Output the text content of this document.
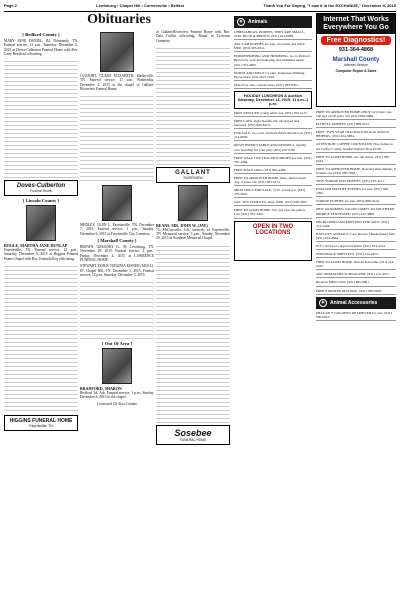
Page 2	Lewisburg • Chapel Hill • Cornersville • Belfast	Thank You For Saying, "I saw it in the EXCHANGE," December 9, 2015
Obituaries
[ Bedford County ]
MARY JANE DANIEL, 84, Normandy, TN. Funeral service, 11 a.m., Saturday, December 5, 2015 at Doves-Culberton Funeral Home with Rev. Larry Bradford officiating.
Doves-Culberton
Funeral Home
[ Lincoln County ]
BOGLE, MARTHA JANE DUNLAP
Fayetteville, TN. Funeral service, 12 p.m., Saturday, December 5, 2015 at Higgins Funeral Home Chapel with Bro. Kenneth Roy officiating.
HIGGINS FUNERAL HOME
Fayetteville, TN
CUZZORT, CLARA ELIZABETH. Shelbyville, TN. Funeral service, 11 a.m. Wednesday, December 2, 2015 at the chapel of Gallant-Riverview Funeral Home.
MEDLEY, GLEN L. Fayetteville, TN. December 7, 2015. Funeral service, 1 p.m., Sunday, December 6, 2015 at Fayetteville City Cemetery.
[ Marshall County ]
BROWN, GREGORY G., 59, Lewisburg, TN. November 29, 2015. Funeral service, 2 p.m., Friday, December 4, 2015 at LAWRENCE FUNERAL HOME.
STEWART, DORIS VIRGINIA KISNER (MOLL), 87, Chapel Hill, TN. December 1, 2015. Funeral service, 12 p.m. Saturday, December 5, 2015.
[ Out Of Area ]
BRADFORD, SHARON
Bedford, 64, Ark. Funeral service, 1 p.m., Sunday, December 6, 2015 in the chapel.
Continued On Next Column
of Gallant-Riverview Funeral Home with Bro. Dale Griffin officiating. Burial in Crowson Cemetery.
GALLANT
RIVERVIEW
BEANS, MR. JOHN W. (JAY)
72, McCaysville, GA, formerly of Fayetteville, TN. Memorial service, 3 p.m., Sunday, November 29, 2015 in Southern Memorial Chapel.
Sosebee
FUNERAL HOME
✦ Animals
CHIHUAHUAS, PUPPIES. THEY ARE SMALL, TOO. BLUE & BROWN. (931) 224-0086.
AKC LAB PUPPIES for sale, chocolate and black. $300. (931) 685-0211.
HORSESHOEING AND TRIMMING. Go to Richard Brown for your horseshoeing and trimming needs. (931) 703-4495.
HORSE AND MULE for sale, Tennessee Walking Horse mare. (931) 623-7166.
DOGS for sale, various sizes. (931) 993-0451.
HOLIDAY LUNCHEON & Auction Saturday, December 12, 2015. 11 a.m.-1 p.m.
FREE RESCUED young adult cats, (931) 703-5127.
FREE CATS, eight months old, all spayed and neutered. (931) 993-8413.
FOR SALE, two year old male Black Mouth Cur. (931) 212-6836.
REGISTERED STABLE AND KENNELS. Quality care boarding for your pets. (931) 237-6161.
FREE WALL TOY TEACUP YORKIES for sale. (931) 337-2284.
FREE MALE DOG. (931) 881-4494.
FREE TO APPROVED HOME, male, mixed breed dog, 4 years old. (931) 685-0151.
MEAT DOGS FOR SALE, 75 lb. young pot. (931) 278-5621.
AKC TOY POODLES, male, $500. (615) 949-7661.
FREE TO GOOD HOME. Two (2) year old yellow Lab. (931) 703-4495.
OPEN IN TWO LOCATIONS
FREE TO APPROVED HOME ONLY! (2) older cats, one and a half years old. (931) 996-3089.
PIT BULL PUPPIES. (931) 808-9191.
FREE, TWO YEAR OLD MALE BLACK ANGUS HEIFERS. (931) 224-5684.
ATTENTION: COFFEE COUNTIANS! Free domes to the Coffee County Animal Welfare Non-Profit.
FREE TO GOOD HOME, two lab mixes. (931) 580-0184.
FREE TO APPROVED HOME, Rescued male/female, 6 months old. (931) 580-7028.
TINY YORKIE POO PUPPIES. (931) 433-4211.
ENGLISH MASTIFF PUPPIES for sale. (931) 580-1095.
YORKIE PUPPIES for sale. (931) 808-5024.
NEW GROOMING SALON COMES TO SOUTHERN MIDDLE TENNESSEE! (931) 227-3800.
MICRO-MINI AND MINI PIGS FOR SALE. (931) 212-2426.
BAYLEYS ANIMALS, Care Rescue Thanksgiving Sale. (931) 224-4664.
ICE CAT free to approved home. (931) 223-4212.
NINNAVALE SHIH TZUS. (931) 212-2475.
FREE TO GOOD HOME. Kittens 6 months. (931) 224-2425.
AKC MINIATURE SCHNAUZER, (931) 212-4377.
BLACK MINI COW, (931) 685-0001.
FREE 8 MONTH OLD DOG. (931) 580-5029.
✦ Animal Accessories
DELUXE 5' GOLDEN'S RETRIEVER for sale. (931) 580-0010
Internet That Works
Everywhere You Go
Free Diagnostics!
931-364-4868
Marshall County
Internet Service
Computer Repair & Sales
